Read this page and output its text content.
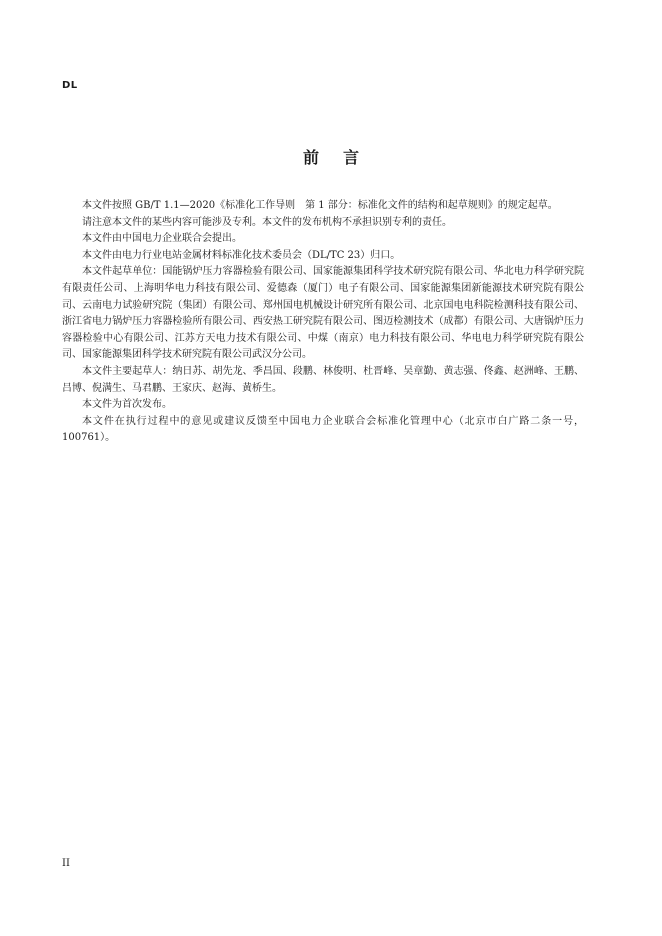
DL
前言

本文件按照 GB/T 1.1—2020《标准化工作导则　第 1 部分：标准化文件的结构和起草规则》的规定起草。

请注意本文件的某些内容可能涉及专利。本文件的发布机构不承担识别专利的责任。

本文件由中国电力企业联合会提出。

本文件由电力行业电站金属材料标准化技术委员会（DL/TC 23）归口。

本文件起草单位：国能锅炉压力容器检验有限公司、国家能源集团科学技术研究院有限公司、华北电力科学研究院有限责任公司、上海明华电力科技有限公司、爱德森（厦门）电子有限公司、国家能源集团新能源技术研究院有限公司、云南电力试验研究院（集团）有限公司、郑州国电机械设计研究所有限公司、北京国电电科院检测科技有限公司、浙江省电力锅炉压力容器检验所有限公司、西安热工研究院有限公司、图迈检测技术（成都）有限公司、大唐锅炉压力容器检验中心有限公司、江苏方天电力技术有限公司、中煤（南京）电力科技有限公司、华电电力科学研究院有限公司、国家能源集团科学技术研究院有限公司武汉分公司。

本文件主要起草人：纳日苏、胡先龙、季昌国、段鹏、林俊明、杜晋峰、吴章勤、黄志强、佟鑫、赵洲峰、王鹏、吕博、倪满生、马君鹏、王家庆、赵海、黄桥生。

本文件为首次发布。

本文件在执行过程中的意见或建议反馈至中国电力企业联合会标准化管理中心（北京市白广路二条一号，100761）。

II
